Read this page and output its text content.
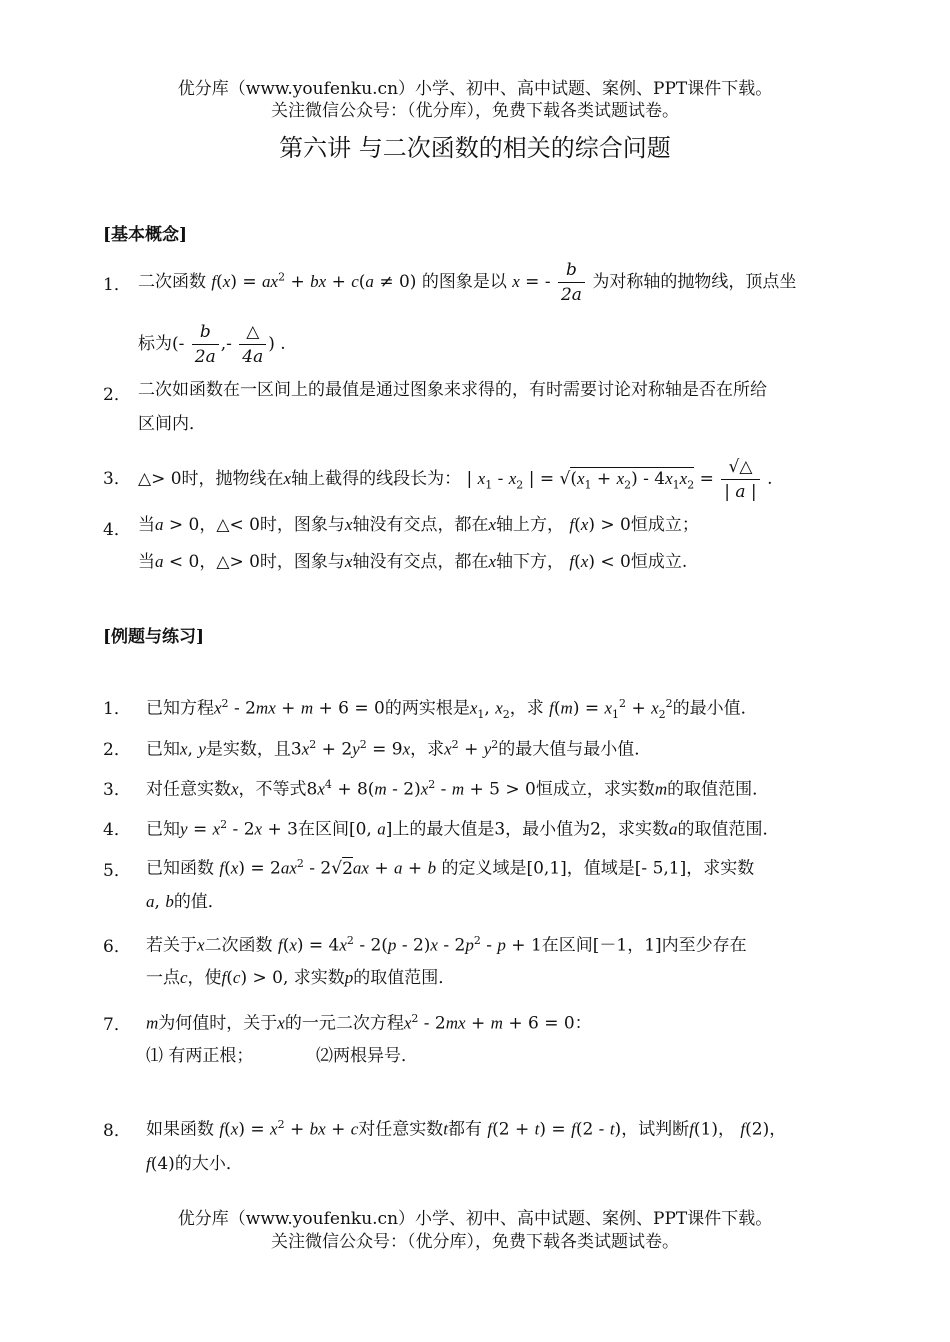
优分库（www.youfenku.cn）小学、初中、高中试题、案例、PPT课件下载。
关注微信公众号：（优分库），免费下载各类试题试卷。
第六讲 与二次函数的相关的综合问题
[基本概念]
1． 二次函数 $f(x) = ax^2$ + bx + c(a ≠ 0) 的图象是以 x = - $\frac{b}{2a}$ 为对称轴的抛物线，顶点坐
标为(- $\frac{b}{2a}$ ,- $\frac{\triangle}{4a}$ ) .
2． 二次如函数在一区间上的最值是通过图象来求得的，有时需要讨论对称轴是否在所给
区间内．
3． △> 0时，抛物线在x轴上截得的线段长为： | $x_1 - x_2$ | = $√(x_1 + x_2) - 4x_1x_2 = \frac{√\triangle}{| a |}$ .
4． 当a > 0，△< 0时，图象与x轴没有交点，都在x轴上方， f(x) > 0恒成立；
当a < 0，△> 0时，图象与x轴没有交点，都在x轴下方， f(x) < 0恒成立.
[例题与练习]
1． 已知方程$x^2 - 2mx + m + 6 = 0$的两实根是$x_1$, $x_2$，求 $f(m) = x_1^2 + x_2^2$的最小值．
2． 已知x, y是实数，且$3x^2 + 2y^2 = 9x$，求$x^2 + y^2$的最大值与最小值．
3． 对任意实数x，不等式$8x^4 + 8(m - 2)x^2 - m + 5 > 0$恒成立，求实数m的取值范围．
4． 已知$y = x^2 - 2x + 3$在区间[0, a]上的最大值是3，最小值为2，求实数a的取值范围．
5． 已知函数 $f(x) = 2ax^2 - 2√2ax + a + b$ 的定义域是[0,1]，值域是[- 5,1]，求实数
a, b的值．
6． 若关于x二次函数 $f(x) = 4x^2 - 2(p - 2)x - 2p^2 - p + 1$在区间[－1，1]内至少存在
一点c，使f(c) > 0, 求实数p的取值范围．
7． m为何值时，关于x的一元二次方程$x^2 - 2mx + m + 6 = 0$：
⑴ 有两正根；	⑵两根异号．
8． 如果函数 $f(x) = x^2$ + bx + c对任意实数t都有 f(2 + t) = f(2 - t)，试判断f(1)， f(2)，
f(4)的大小．
优分库（www.youfenku.cn）小学、初中、高中试题、案例、PPT课件下载。
关注微信公众号：（优分库），免费下载各类试题试卷。
